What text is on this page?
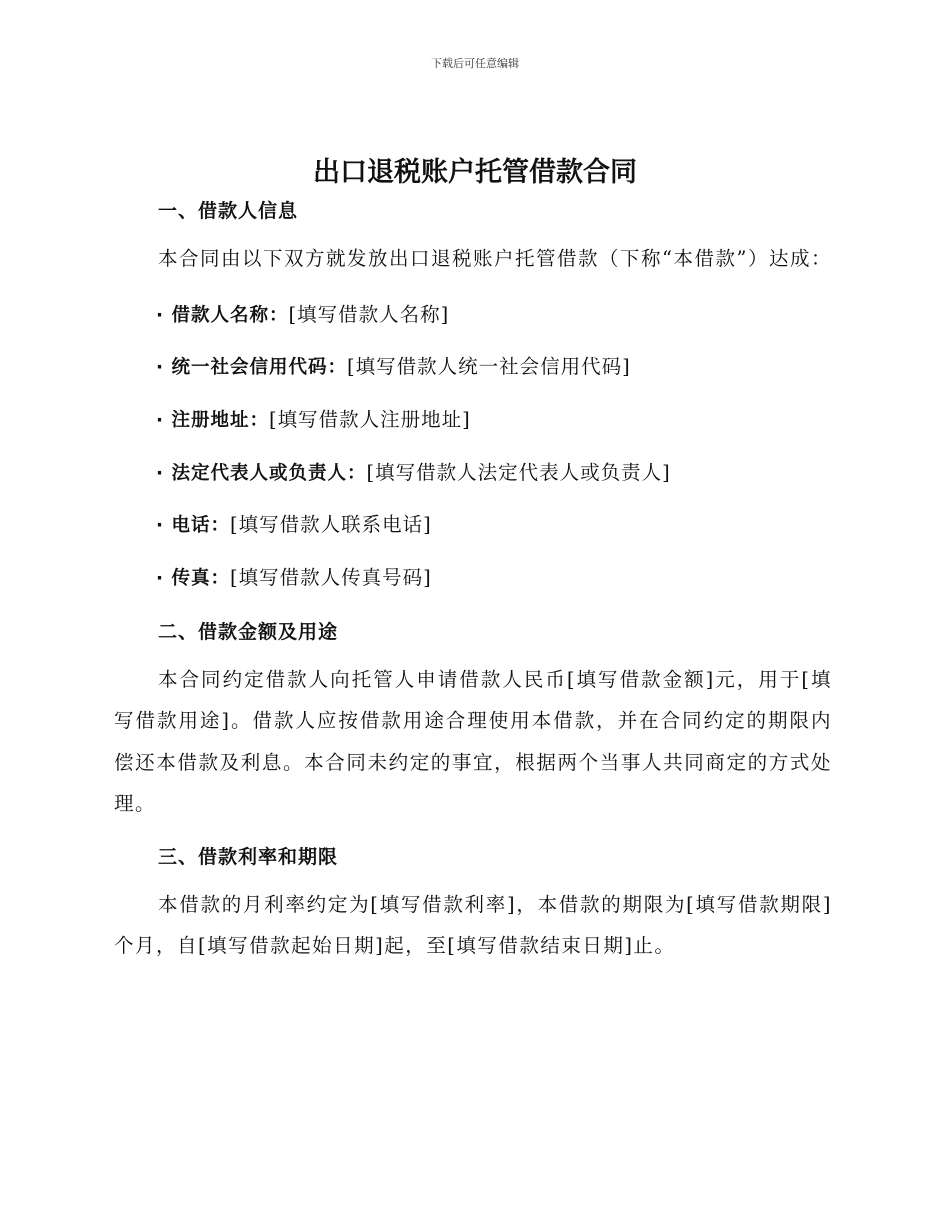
下载后可任意编辑
出口退税账户托管借款合同
一、借款人信息

本合同由以下双方就发放出口退税账户托管借款（下称“本借款”）达成：

· 借款人名称：[填写借款人名称]
· 统一社会信用代码：[填写借款人统一社会信用代码]
· 注册地址：[填写借款人注册地址]
· 法定代表人或负责人：[填写借款人法定代表人或负责人]
· 电话：[填写借款人联系电话]
· 传真：[填写借款人传真号码]
二、借款金额及用途

本合同约定借款人向托管人申请借款人民币[填写借款金额]元，用于[填写借款用途]。借款人应按借款用途合理使用本借款，并在合同约定的期限内偿还本借款及利息。本合同未约定的事宜，根据两个当事人共同商定的方式处理。

三、借款利率和期限

本借款的月利率约定为[填写借款利率]，本借款的期限为[填写借款期限]个月，自[填写借款起始日期]起，至[填写借款结束日期]止。
